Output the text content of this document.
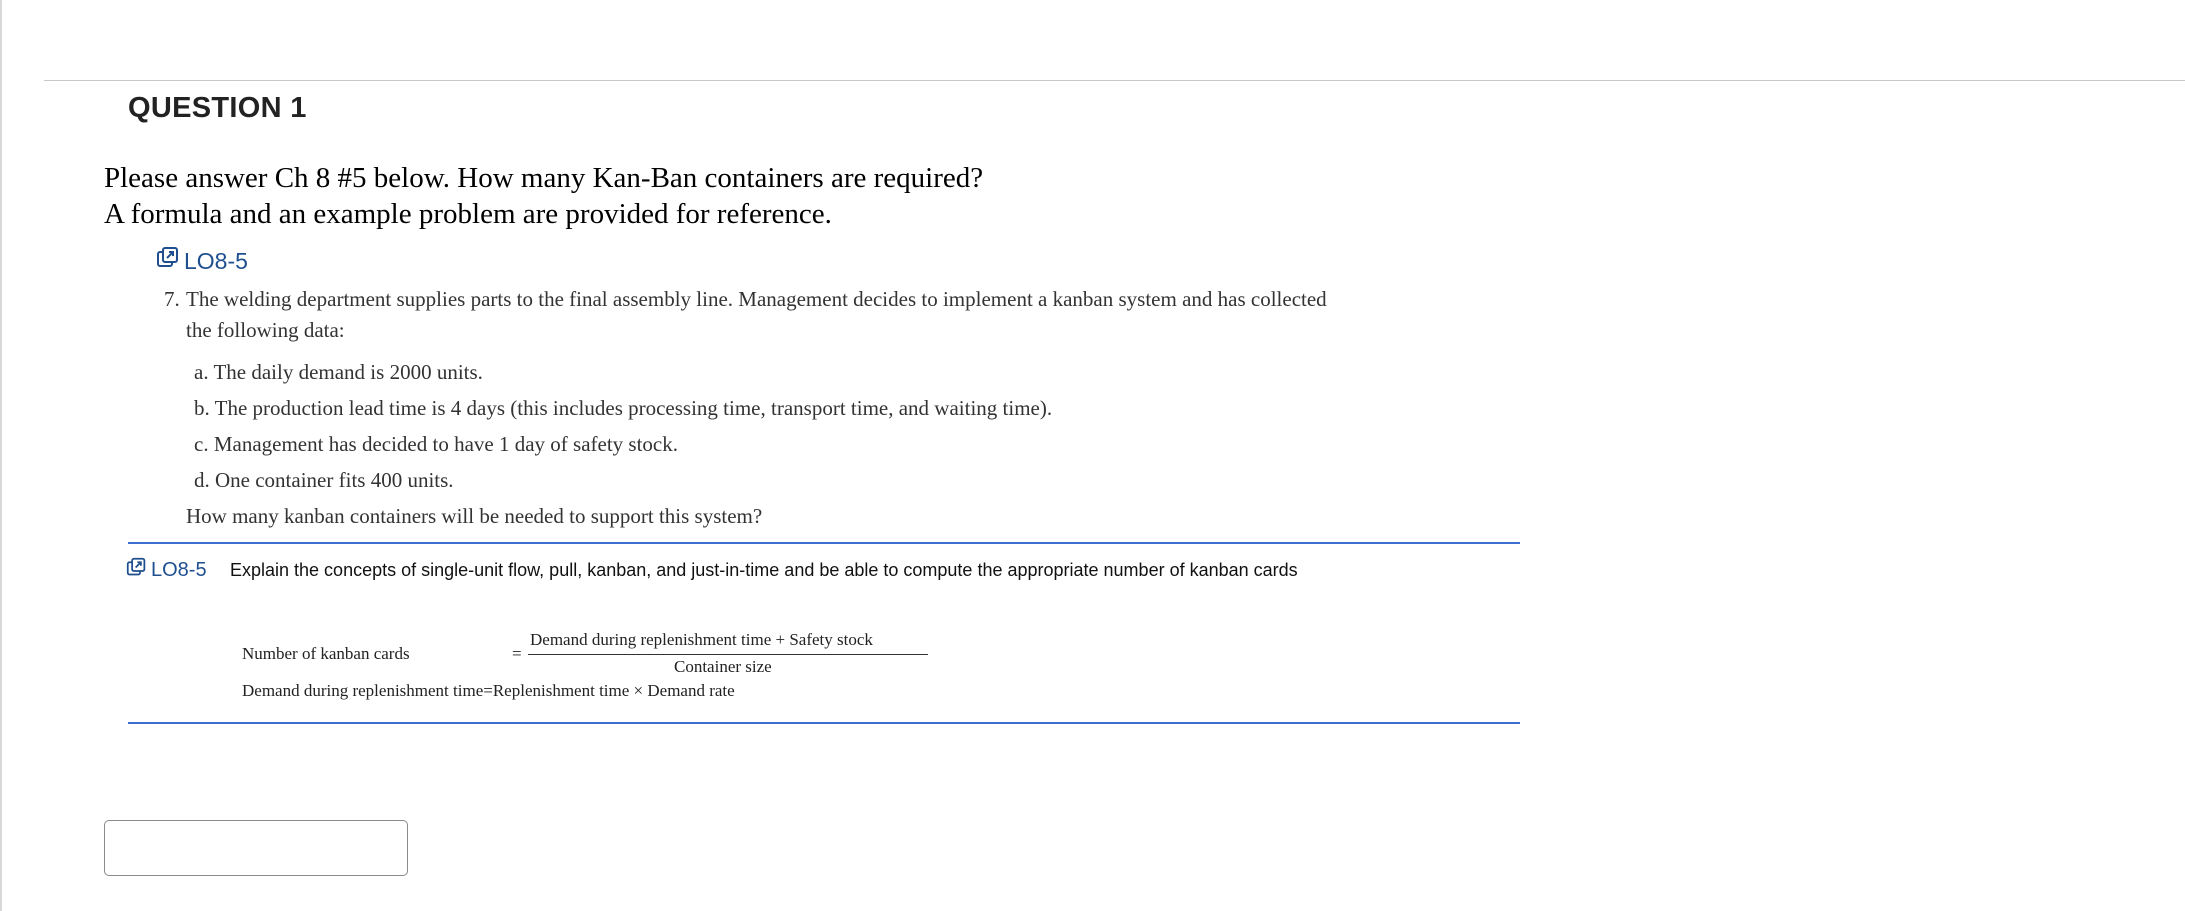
QUESTION 1
Please answer Ch 8 #5 below. How many Kan-Ban containers are required?
A formula and an example problem are provided for reference.
LO8-5
7. The welding department supplies parts to the final assembly line. Management decides to implement a kanban system and has collected
the following data:
a. The daily demand is 2000 units.
b. The production lead time is 4 days (this includes processing time, transport time, and waiting time).
c. Management has decided to have 1 day of safety stock.
d. One container fits 400 units.
How many kanban containers will be needed to support this system?
LO8-5 Explain the concepts of single-unit flow, pull, kanban, and just-in-time and be able to compute the appropriate number of kanban cards
Number of kanban cards	=
Demand during replenishment time + Safety stock
Container size
Demand during replenishment time=Replenishment time × Demand rate
